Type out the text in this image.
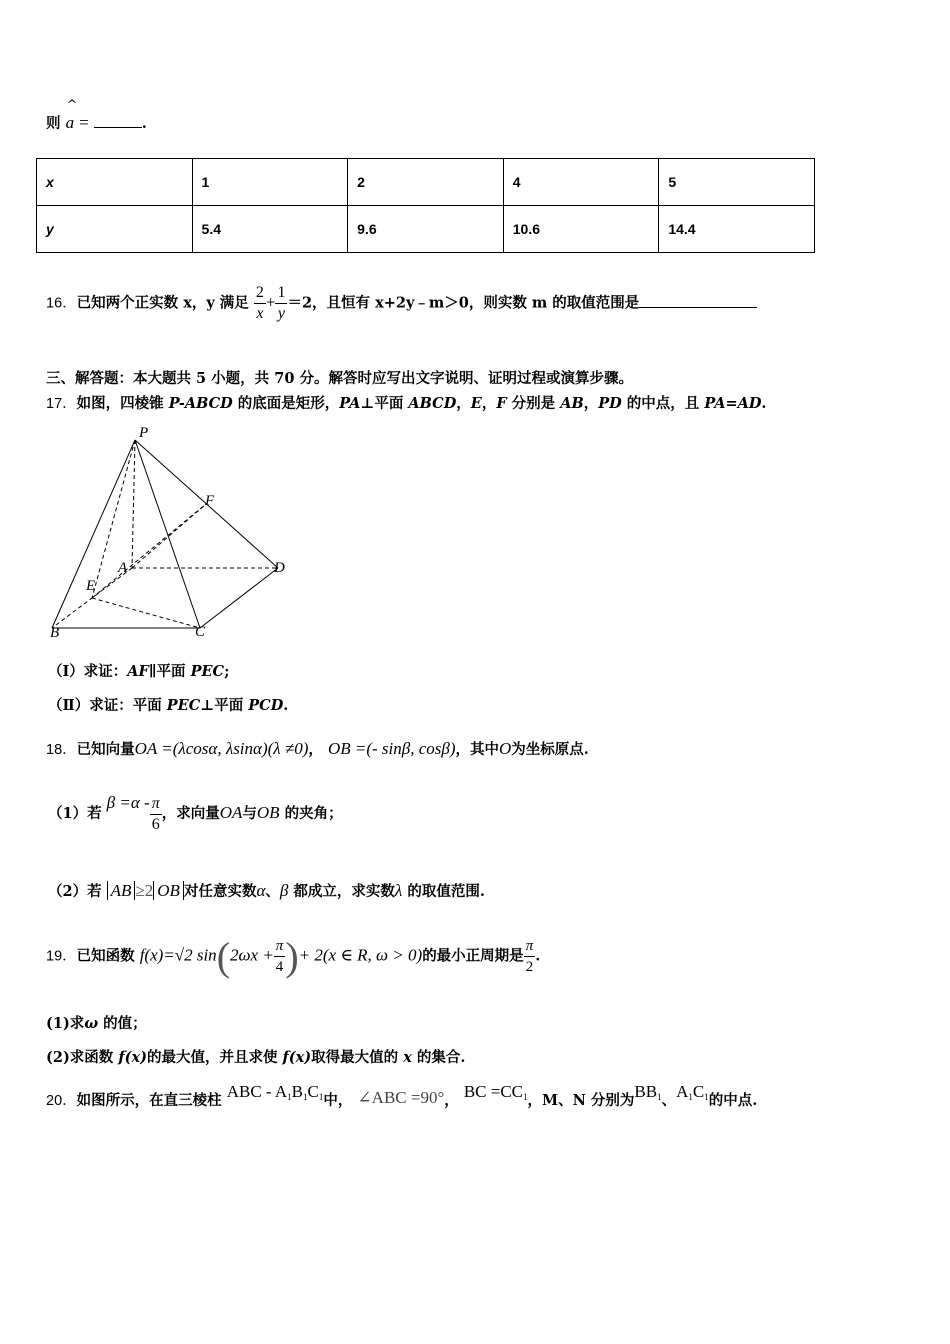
则
^
a =	.
x	1	2	4	5
y	5.4	9.6	10.6	14.4
16．已知两个正实数 x，y 满足 $\frac{2}{x} + \frac{1}{y} =2$，且恒有 x+2y﹣m＞0，则实数 m 的取值范围是
三、解答题：本大题共 5 小题，共 70 分。解答时应写出文字说明、证明过程或演算步骤。
17．如图，四棱锥 P-ABCD 的底面是矩形，PA⊥平面 ABCD，E，F 分别是 AB，PD 的中点，且 PA=AD.
P
F
A	D
E
B	C
（Ⅰ）求证：AF∥平面 PEC;
（Ⅱ）求证：平面 PEC⊥平面 PCD.
18．已知向量OA =(λcosα, λsinα)(λ ≠0)， OB =(- sinβ, cosβ)，其中O为坐标原点.
（1）若 $\beta =\alpha - \frac{\pi}{6}$ ，求向量OA与OB 的夹角；
（2）若 AB ≥2 OB 对任意实数α、β 都成立，求实数λ 的取值范围.
19．已知函数 f(x)=√2 $\sin(2\omega x + \frac{\pi}{4}$ )+ 2(x ∈ R, ω > 0)的最小正周期是 $\frac{\pi}{2}$ .
(1)求ω 的值；
(2)求函数 f(x)的最大值，并且求使 f(x)取得最大值的 x 的集合.
20．如图所示，在直三棱柱 ABC - $A_1B_1C_1$中， ∠ABC =90°， BC $=CC_1$，M、N 分别为$BB_1$、$A_1C_1$的中点.
